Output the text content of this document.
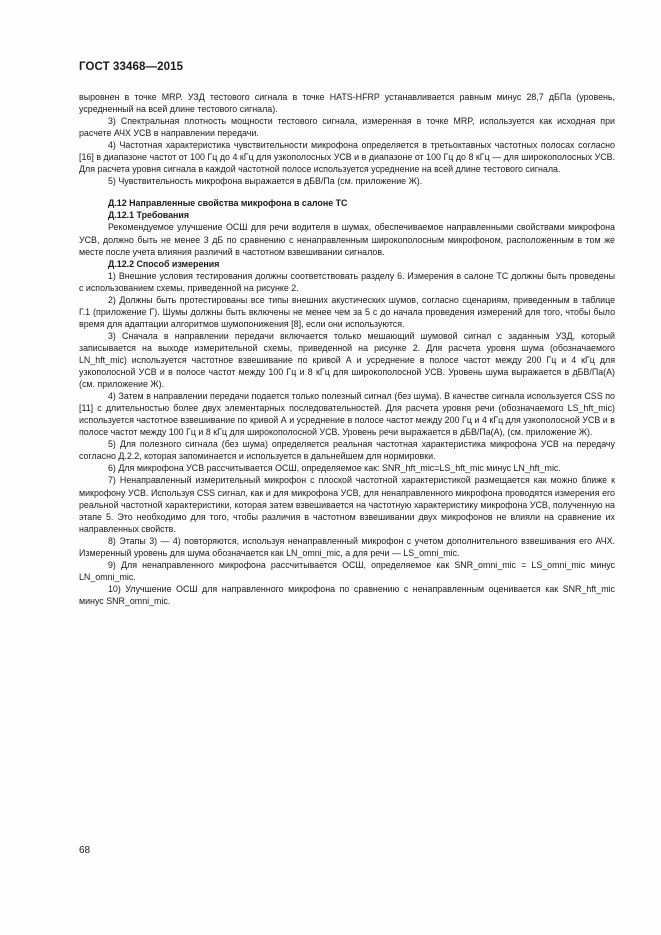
ГОСТ 33468—2015

выровнен в точке MRP. УЗД тестового сигнала в точке HATS-HFRP устанавливается равным минус 28,7 дБПа (уровень, усредненный на всей длине тестового сигнала).

3) Спектральная плотность мощности тестового сигнала, измеренная в точке MRP, используется как исходная при расчете АЧХ УСВ в направлении передачи.

4) Частотная характеристика чувствительности микрофона определяется в третьоктавных частотных полосах согласно [16] в диапазоне частот от 100 Гц до 4 кГц для узкополосных УСВ и в диапазоне от 100 Гц до 8 кГц — для широкополосных УСВ. Для расчета уровня сигнала в каждой частотной полосе используется усреднение на всей длине тестового сигнала.

5) Чувствительность микрофона выражается в дБВ/Па (см. приложение Ж).

Д.12 Направленные свойства микрофона в салоне ТС

Д.12.1 Требования

Рекомендуемое улучшение ОСШ для речи водителя в шумах, обеспечиваемое направленными свойствами микрофона УСВ, должно быть не менее 3 дБ по сравнению с ненаправленным широкополосным микрофоном, расположенным в том же месте после учета влияния различий в частотном взвешивании сигналов.

Д.12.2 Способ измерения

1) Внешние условия тестирования должны соответствовать разделу 6. Измерения в салоне ТС должны быть проведены с использованием схемы, приведенной на рисунке 2.

2) Должны быть протестированы все типы внешних акустических шумов, согласно сценариям, приведенным в таблице Г.1 (приложение Г). Шумы должны быть включены не менее чем за 5 с до начала проведения измерений для того, чтобы было время для адаптации алгоритмов шумопонижения [8], если они используются.

3) Сначала в направлении передачи включается только мешающий шумовой сигнал с заданным УЗД, который записывается на выходе измерительной схемы, приведенной на рисунке 2. Для расчета уровня шума (обозначаемого LN_hft_mic) используется частотное взвешивание по кривой А и усреднение в полосе частот между 200 Гц и 4 кГц для узкополосной УСВ и в полосе частот между 100 Гц и 8 кГц для широкополосной УСВ. Уровень шума выражается в дБВ/Па(А) (см. приложение Ж).

4) Затем в направлении передачи подается только полезный сигнал (без шума). В качестве сигнала используется CSS по [11] с длительностью более двух элементарных последовательностей. Для расчета уровня речи (обозначаемого LS_hft_mic) используется частотное взвешивание по кривой А и усреднение в полосе частот между 200 Гц и 4 кГц для узкополосной УСВ и в полосе частот между 100 Гц и 8 кГц для широкополосной УСВ. Уровень речи выражается в дБВ/Па(А), (см. приложение Ж).

5) Для полезного сигнала (без шума) определяется реальная частотная характеристика микрофона УСВ на передачу согласно Д.2.2, которая запоминается и используется в дальнейшем для нормировки.

6) Для микрофона УСВ рассчитывается ОСШ, определяемое как: SNR_hft_mic=LS_hft_mic минус LN_hft_mic.

7) Ненаправленный измерительный микрофон с плоской частотной характеристикой размещается как можно ближе к микрофону УСВ. Используя CSS сигнал, как и для микрофона УСВ, для ненаправленного микрофона проводятся измерения его реальной частотной характеристики, которая затем взвешивается на частотную характеристику микрофона УСВ, полученную на этапе 5. Это необходимо для того, чтобы различия в частотном взвешивании двух микрофонов не влияли на сравнение их направленных свойств.

8) Этапы 3) — 4) повторяются, используя ненаправленный микрофон с учетом дополнительного взвешивания его АЧХ. Измеренный уровень для шума обозначается как LN_omni_mic, а для речи — LS_omni_mic.

9) Для ненаправленного микрофона рассчитывается ОСШ, определяемое как SNR_omni_mic = LS_omni_mic минус LN_omni_mic.

10) Улучшение ОСШ для направленного микрофона по сравнению с ненаправленным оценивается как SNR_hft_mic минус SNR_omni_mic.

68
